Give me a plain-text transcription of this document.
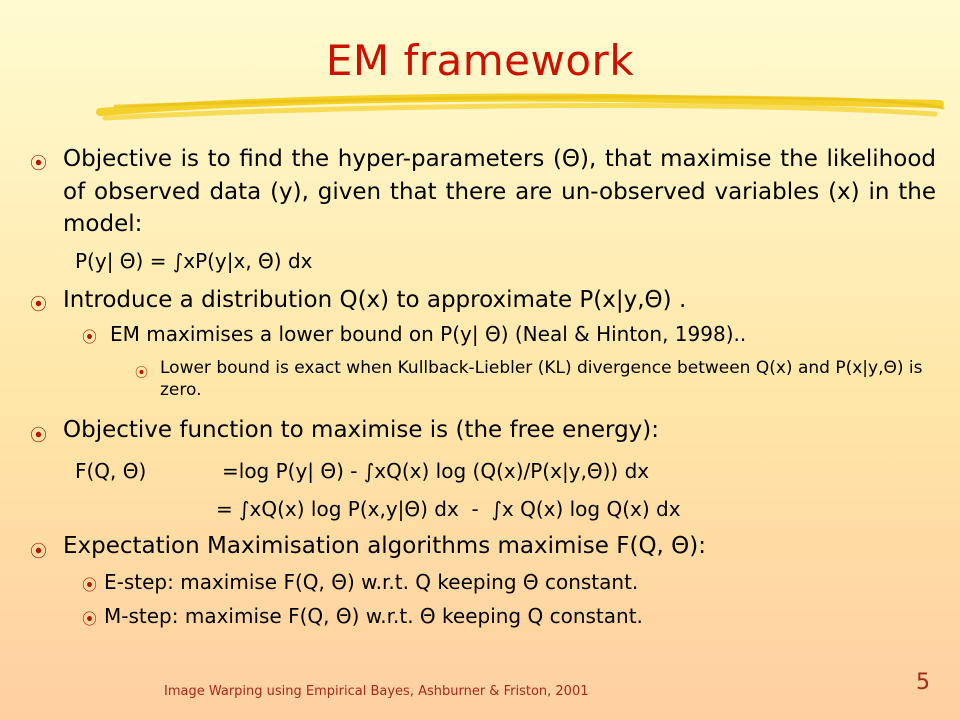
EM framework
⦿ Objective is to find the hyper-parameters (Θ), that maximise the likelihood of observed data (y), given that there are un-observed variables (x) in the model:
P(y| Θ) = ∫xP(y|x, Θ) dx
⦿ Introduce a distribution Q(x) to approximate P(x|y,Θ) .
⦿ EM maximises a lower bound on P(y| Θ) (Neal & Hinton, 1998)..
⦿ Lower bound is exact when Kullback-Liebler (KL) divergence between Q(x) and P(x|y,Θ) is zero.
⦿ Objective function to maximise is (the free energy):
F(Q, Θ)	=log P(y| Θ) - ∫xQ(x) log (Q(x)/P(x|y,Θ)) dx
= ∫xQ(x) log P(x,y|Θ) dx  -  ∫x Q(x) log Q(x) dx
⦿ Expectation Maximisation algorithms maximise F(Q, Θ):
⦿ E-step: maximise F(Q, Θ) w.r.t. Q keeping Θ constant.
⦿ M-step: maximise F(Q, Θ) w.r.t. Θ keeping Q constant.
Image Warping using Empirical Bayes, Ashburner & Friston, 2001	5
